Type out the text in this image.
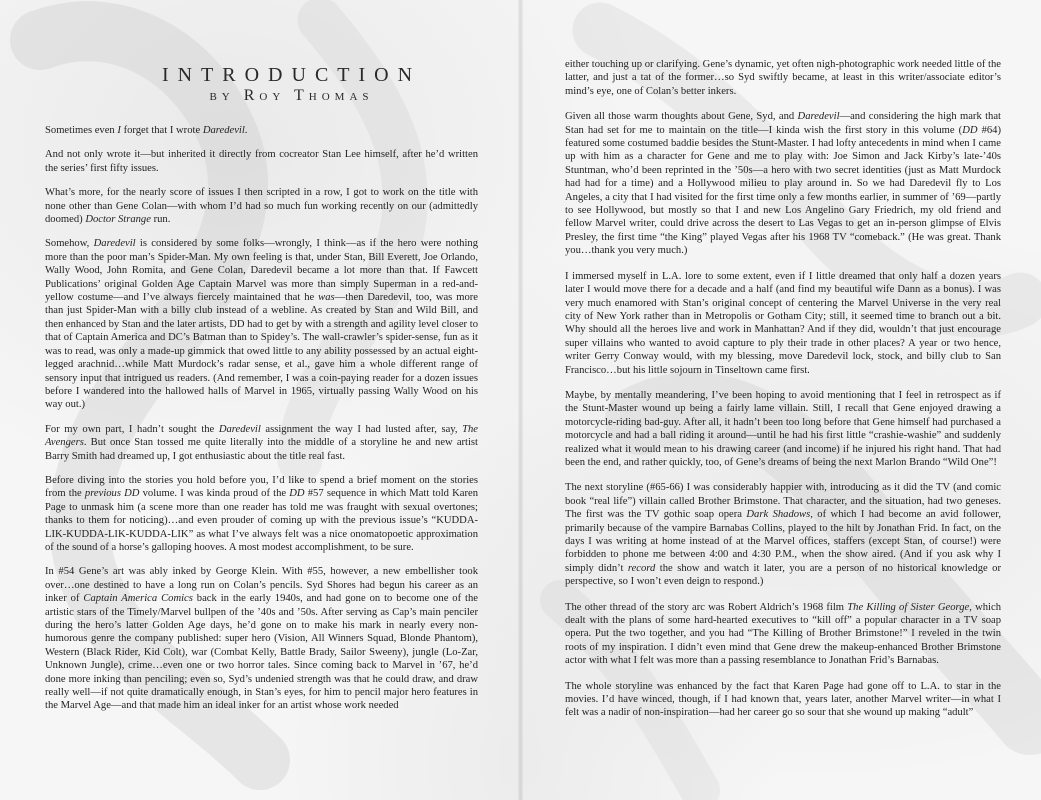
INTRODUCTION
by Roy Thomas

Sometimes even I forget that I wrote Daredevil.

And not only wrote it—but inherited it directly from cocreator Stan Lee himself, after he’d written the series’ first fifty issues.

What’s more, for the nearly score of issues I then scripted in a row, I got to work on the title with none other than Gene Colan—with whom I’d had so much fun working recently on our (admittedly doomed) Doctor Strange run.

Somehow, Daredevil is considered by some folks—wrongly, I think—as if the hero were nothing more than the poor man’s Spider-Man. My own feeling is that, under Stan, Bill Everett, Joe Orlando, Wally Wood, John Romita, and Gene Colan, Daredevil became a lot more than that. If Fawcett Publications’ original Golden Age Captain Marvel was more than simply Superman in a red-and-yellow costume—and I’ve always fiercely maintained that he was—then Daredevil, too, was more than just Spider-Man with a billy club instead of a webline. As created by Stan and Wild Bill, and then enhanced by Stan and the later artists, DD had to get by with a strength and agility level closer to that of Captain America and DC’s Batman than to Spidey’s. The wall-crawler’s spider-sense, fun as it was to read, was only a made-up gimmick that owed little to any ability possessed by an actual eight-legged arachnid…while Matt Murdock’s radar sense, et al., gave him a whole different range of sensory input that intrigued us readers. (And remember, I was a coin-paying reader for a dozen issues before I wandered into the hallowed halls of Marvel in 1965, virtually passing Wally Wood on his way out.)

For my own part, I hadn’t sought the Daredevil assignment the way I had lusted after, say, The Avengers. But once Stan tossed me quite literally into the middle of a storyline he and new artist Barry Smith had dreamed up, I got enthusiastic about the title real fast.

Before diving into the stories you hold before you, I’d like to spend a brief moment on the stories from the previous DD volume. I was kinda proud of the DD #57 sequence in which Matt told Karen Page to unmask him (a scene more than one reader has told me was fraught with sexual overtones; thanks to them for noticing)…and even prouder of coming up with the previous issue’s “KUDDA-LIK-KUDDA-LIK-KUDDA-LIK” as what I’ve always felt was a nice onomatopoetic approximation of the sound of a horse’s galloping hooves. A most modest accomplishment, to be sure.

In #54 Gene’s art was ably inked by George Klein. With #55, however, a new embellisher took over…one destined to have a long run on Colan’s pencils. Syd Shores had begun his career as an inker of Captain America Comics back in the early 1940s, and had gone on to become one of the artistic stars of the Timely/Marvel bullpen of the ’40s and ’50s. After serving as Cap’s main penciler during the hero’s latter Golden Age days, he’d gone on to make his mark in nearly every non-humorous genre the company published: super hero (Vision, All Winners Squad, Blonde Phantom), Western (Black Rider, Kid Colt), war (Combat Kelly, Battle Brady, Sailor Sweeny), jungle (Lo-Zar, Unknown Jungle), crime…even one or two horror tales. Since coming back to Marvel in ’67, he’d done more inking than penciling; even so, Syd’s undenied strength was that he could draw, and draw really well—if not quite dramatically enough, in Stan’s eyes, for him to pencil major hero features in the Marvel Age—and that made him an ideal inker for an artist whose work needed

either touching up or clarifying. Gene’s dynamic, yet often nigh-photographic work needed little of the latter, and just a tat of the former…so Syd swiftly became, at least in this writer/associate editor’s mind’s eye, one of Colan’s better inkers.

Given all those warm thoughts about Gene, Syd, and Daredevil—and considering the high mark that Stan had set for me to maintain on the title—I kinda wish the first story in this volume (DD #64) featured some costumed baddie besides the Stunt-Master. I had lofty antecedents in mind when I came up with him as a character for Gene and me to play with: Joe Simon and Jack Kirby’s late-’40s Stuntman, who’d been reprinted in the ’50s—a hero with two secret identities (just as Matt Murdock had had for a time) and a Hollywood milieu to play around in. So we had Daredevil fly to Los Angeles, a city that I had visited for the first time only a few months earlier, in summer of ’69—partly to see Hollywood, but mostly so that I and new Los Angelino Gary Friedrich, my old friend and fellow Marvel writer, could drive across the desert to Las Vegas to get an in-person glimpse of Elvis Presley, the first time “the King” played Vegas after his 1968 TV “comeback.” (He was great. Thank you…thank you very much.)

I immersed myself in L.A. lore to some extent, even if I little dreamed that only half a dozen years later I would move there for a decade and a half (and find my beautiful wife Dann as a bonus). I was very much enamored with Stan’s original concept of centering the Marvel Universe in the very real city of New York rather than in Metropolis or Gotham City; still, it seemed time to branch out a bit. Why should all the heroes live and work in Manhattan? And if they did, wouldn’t that just encourage super villains who wanted to avoid capture to ply their trade in other places? A year or two hence, writer Gerry Conway would, with my blessing, move Daredevil lock, stock, and billy club to San Francisco…but his little sojourn in Tinseltown came first.

Maybe, by mentally meandering, I’ve been hoping to avoid mentioning that I feel in retrospect as if the Stunt-Master wound up being a fairly lame villain. Still, I recall that Gene enjoyed drawing a motorcycle-riding bad-guy. After all, it hadn’t been too long before that Gene himself had purchased a motorcycle and had a ball riding it around—until he had his first little “crashie-washie” and suddenly realized what it would mean to his drawing career (and income) if he injured his right hand. That had been the end, and rather quickly, too, of Gene’s dreams of being the next Marlon Brando “Wild One”!

The next storyline (#65-66) I was considerably happier with, introducing as it did the TV (and comic book “real life”) villain called Brother Brimstone. That character, and the situation, had two geneses. The first was the TV gothic soap opera Dark Shadows, of which I had become an avid follower, primarily because of the vampire Barnabas Collins, played to the hilt by Jonathan Frid. In fact, on the days I was writing at home instead of at the Marvel offices, staffers (except Stan, of course!) were forbidden to phone me between 4:00 and 4:30 P.M., when the show aired. (And if you ask why I simply didn’t record the show and watch it later, you are a person of no historical knowledge or perspective, so I won’t even deign to respond.)

The other thread of the story arc was Robert Aldrich’s 1968 film The Killing of Sister George, which dealt with the plans of some hard-hearted executives to “kill off” a popular character in a TV soap opera. Put the two together, and you had “The Killing of Brother Brimstone!” I reveled in the twin roots of my inspiration. I didn’t even mind that Gene drew the makeup-enhanced Brother Brimstone actor with what I felt was more than a passing resemblance to Jonathan Frid’s Barnabas.

The whole storyline was enhanced by the fact that Karen Page had gone off to L.A. to star in the movies. I’d have winced, though, if I had known that, years later, another Marvel writer—in what I felt was a nadir of non-inspiration—had her career go so sour that she wound up making “adult”
